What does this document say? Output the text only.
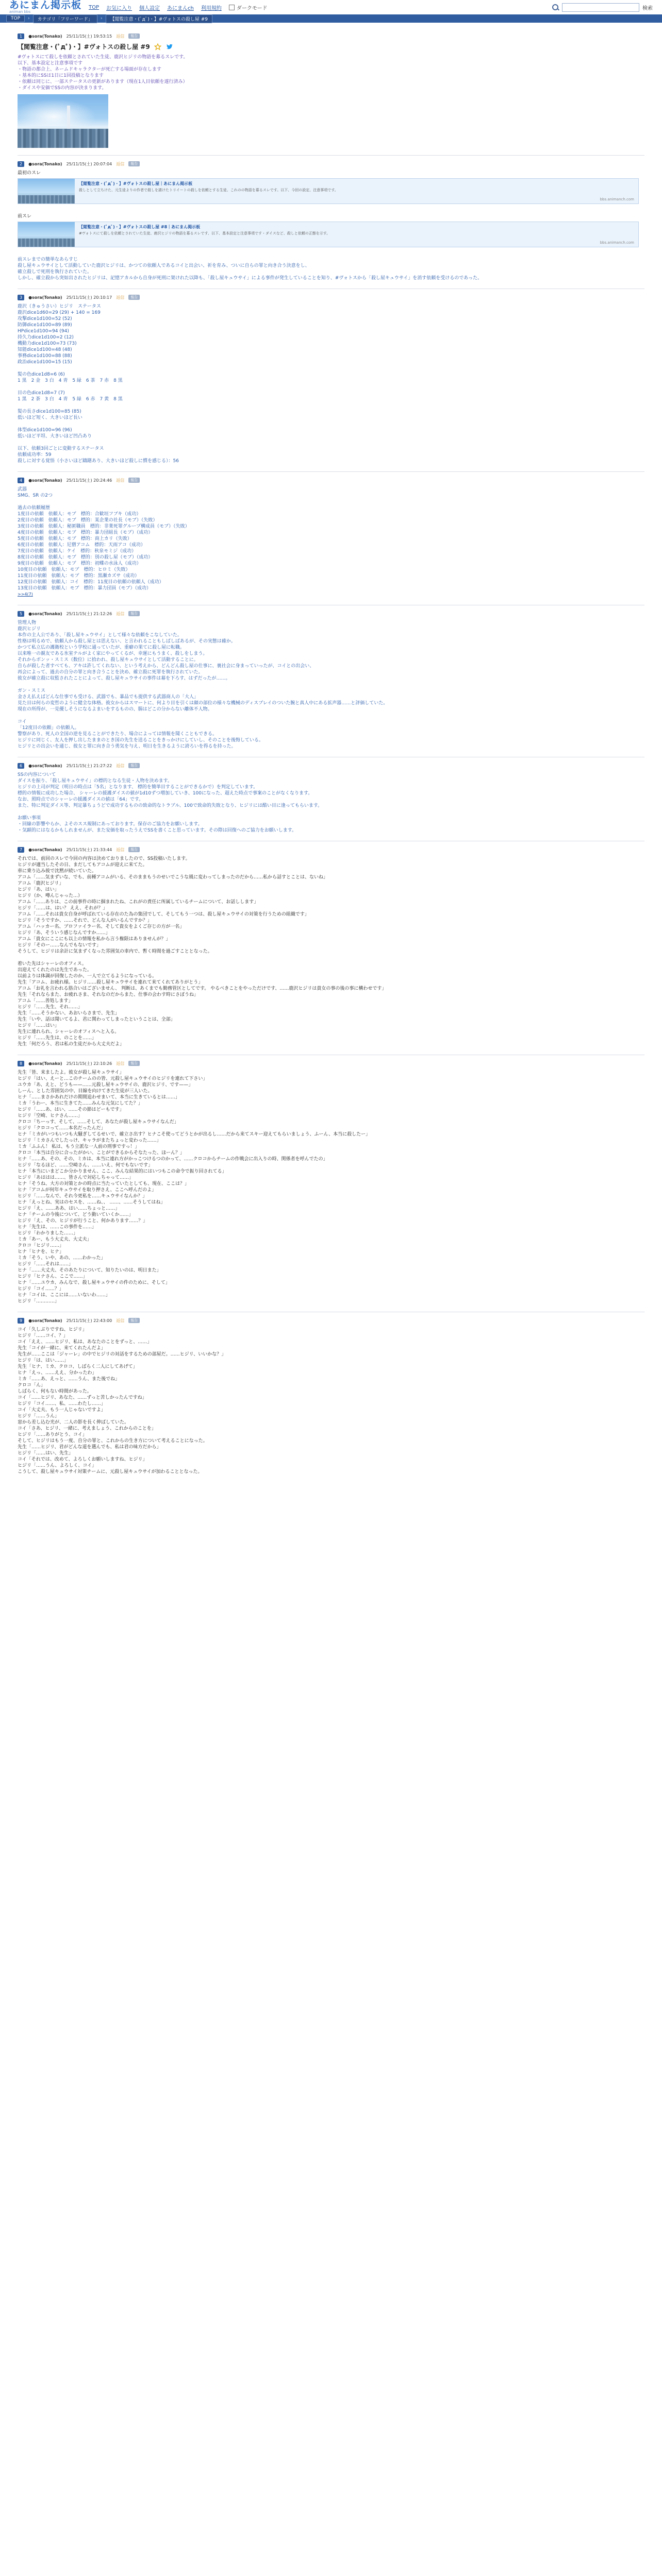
あにまん掲示板
animan bbs
TOP お気に入り 個人設定 あにまんch 利用規約	ダークモード	検索
TOP	›	カテゴリ「フリーワード」	›	【閲覧注意・(ﾟдﾟ)・】#ヴォトスの殺し屋 #9
1	●sora(Tonako) 25/11/15(土) 19:53:15 返信	報告
【閲覧注意・(ﾟдﾟ)・】#ヴォトスの殺し屋 #9
#ヴォトスにて殺しを依頼とされていた生徒、鹿沢ヒジリの物語を募るスレです。
以下、基本設定と注意事項です
・物語の都合上、ネームドキャラクターが死亡する場面が存在します
・基本的にSSは1日に1回投稿となります
・依頼は同じに、一部ステータスの更新があります（現在1人目依頼を遂行済み）
・ダイスや安価でSSの内容が決まります。
2	●sora(Tonako) 25/11/15(土) 20:07:04 返信	報告
最初のスレ
【閲覧注意・(ﾟдﾟ)・】#ヴォトスの殺し屋｜あにまん掲示板
殺しとして立ちけた、元生徒よりの作者で殺しを請けたトリイートの殺しを依頼とする生徒、これのの物語を募るスレです。以下、今回の設定、注意事項です。
bbs.animanch.com
前スレ
【閲覧注意・(ﾟдﾟ)・】#ヴォトスの殺し屋 #8｜あにまん掲示板
#ヴォトスにて殺しを依頼とされていた生徒、鹿沢ヒジリの物語を募るスレです、以下、基本設定と注意事項です・ダイスなど、殺しと依頼の正態を示す。
bbs.animanch.com
前スレまでの簡単なあらすじ
殺し屋キュウサイとして活動していた鹿沢ヒジリは、かつての依頼人であるコイと出会い、祈を育み、ついに自らの罪と向き合う決意をし、
確立殺しで死刑を執行されていた。
しかし、確立殺から突如出されたヒジリは、記憶アカルから自身が死刑に架けれた以降も、「殺し屋キュウサイ」による事件が発生していることを知り、#ヴォトスから「殺し屋キュウサイ」を消す依頼を受けるのであった。
3	●sora(Tonako) 25/11/15(土) 20:10:17 返信	報告
鹿沢（きゅうさい）ヒジリ　ステータス
鹿沢dice1d60=29 (29) + 140 = 169
攻撃dice1d100=52 (52)
防御dice1d100=89 (89)
HPdice1d100=94 (94)
持久力dice1d100=2 (12)
機動力dice1d100=73 (73)
知能dice1d100=48 (48)
事務dice1d100=88 (88)
政治dice1d100=15 (15)
髪の色dice1d8=6 (6)
1 黒　2 金　3 白　4 青　5 緑　6 茶　7 赤　8 黒
目の色dice1d8=7 (7)
1 黒　2 茶　3 白　4 青　5 緑　6 赤　7 黄　8 黒
髪の長さdice1d100=85 (85)
低いほど短く、大きいほど長い
体型dice1d100=96 (96)
低いほど平坦、大きいほど凹凸あり
以下、依頼3回ごとに変動するステータス
依頼成功率：59
殺しに対する覚悟（小さいほど躊躇あり、大きいほど殺しに慣を感じる）：56
4	●sora(Tonako) 25/11/15(土) 20:24:46 返信	報告
武器
SMG、SR の2つ
過去の依頼履歴
1度目の依頼　依頼人：モブ　標的：合歓垣フブキ（成功）
2度目の依頼　依頼人：モブ　標的：某企業の社長（モブ）（失敗）
3度目の依頼　依頼人：秘匿職員　標的：非業死罪グループ構成員（モブ）（失敗）
4度目の依頼　依頼人：モブ　標的：暴力団組長（モブ）（成功）
5度目の依頼　依頼人：モブ　標的：商上カリ（失敗）
6度目の依頼　依頼人：尼僧アコム　標的：天雨アコ（成功）
7度目の依頼　依頼人：ケイ　標的：秋泉モミジ（成功）
8度目の依頼　依頼人：モブ　標的：別の殺し屋（モブ）（成功）
9度目の依頼　依頼人：モブ　標的：初蝶の水泳人（成功）
10度目の依頼　依頼人：モブ　標的：ヒロミ（失敗）
11度目の依頼　依頼人：モブ　標的：黒瀬カズサ（成功）
12度目の依頼　依頼人：コイ　標的：11度目の依頼の依頼人（成功）
13度目の依頼　依頼人：モブ　標的：暴力団員（モブ）（成功）
>>4(7)
5	●sora(Tonako) 25/11/15(土) 21:12:26 返信	報告
管理人物
鹿沢ヒジリ
本作の主人公であり、「殺し屋キュウサイ」として様々な依頼をこなしていた。
性格は明るめで、依頼人から殺し屋とは思えない、と言われることもしばしばあるが、その実態は確か。
かつて私立広の護衛校という学校に通っていたが、重癖の果てに殺し屋に転職。
以来唯一の親友である氷室テルがよく家にやってくるが、幸運にもうまく、殺しをしまう。
それからボンッ・スミス（数位）に拾われ、殺し屋キュウサイとして活動することに。
自らが殺した者すべても、アキは許してくれない、という考えから、どんどん殺し屋の仕事に、裏社会に身まっていったが、コイとの出会い、
再会によって、過去の自分の罪と向き合うことを決め、確立殺に死罪を執行されていた。
彼女が確立殺に収監されたことによって、殺し屋キュウサイの事件は幕を下ろす、はずだったが……。
ガン・スミス
金さえ払えばどんな仕事でも受ける、武器でも、暴品でも提供する武器商人の「大人」
見た目は何らの変哲のように健全な体格。彼女からはスマートに、何より目を引くは顔の部位の様々な機械のディスプレイのついた腕と真人中にある拡声器……と評価していた。
現在の所得が、一見優しそうになるよまいをするものの、腸はどこの分からない離体不人物。
コイ
「12度目の依頼」の依頼人。
警察があり、死人の全国の逆を見ることができたり、場合によっては情報を聞くこともできる。
ヒジリに同じく、友人を押し出したままのとき国の先生を送ることをきっかけにしていし、そのことを後悔している。
ヒジリとの出会いを通じ、彼女と罪に向き合う勇気を与え、明日を生きるように誇ろいを得るを持った。
6	●sora(Tonako) 25/11/15(土) 21:27:22 返信	報告
SSの内容について
ダイスを振り、「殺し屋キュウサイ」の標的となる生徒・人物を決めます。
ヒジリの上司が判定（明日の時点は「5名」となります、 標的を簡単目することができるかで）を判定しています。
標的の情報に成功した場合、 シャーレの援護ダイスの値が1d10ずつ増加していき、100になった、超えた時点で事案のことがなくなります。
なお、照時点でのシャーレの援護ダイスの値は「64」です。
また、特に判定ダイス等、判定暴ちょうどで成功するものの致命的なトラブル、100で致命的失敗となり、ヒジリには酷い目に逢ってもらいます。
お願い事項
・回線の影響やらか、よそのスス規制にあっております。保存のご協力をお願いします。
・気顕的にはなるかもしれませんが、また安価を取ったうえでSSを書くこと思っています。その際は回復へのご協力をお願いします。
7	●sora(Tonako) 25/11/15(土) 21:33:44 返信	報告
それでは、前回のスレで今回の内容は決めておりましたので、SS投稿いたします。
ヒジリが適当したその日、まだしてもアコムが迎えに来てた。
車に乗り込み彼で沈黙が続いていた。
アコム「……気まずいな、でも、前種アコムがいる、そのままもうのせいでこうな風に変わってしまったのだから……私から話すとことは、ないね」
アコム「鹿沢ヒジリ」
ヒジリ「あ、はい」
ヒジリ（か、噂んじゃった…）
アコム「……ありは、この前事件の時に掴まれたね、これがの責任に所属しているチームについて、お話しします」
ヒジリ「……は、はい？ ええ、それが？」
アコム「……それは貴女自身が呼ばれている存在のた為の集団でして、そしてもう一つは、殺し屋キュウサイの対策を行うための組織です」
ヒジリ「そうですか、……それで、どんな人がいるんですか？」
アコム「ハッカー名、ブロファイラー名、そして貴女をよくご存じの方が一名」
ヒジリ「あ、そういう感じなんですか……」
アコム「貴女にここにも以上の情報を私から言う権限はありませんが？」
ヒジリ「そのー……なんでもないです」
そうして、ヒジリは余計に気まずくなった雰囲気の車内で、暫く時間を過ごすこととなった。
着いた先はシャーレのオフィス。
出迎えてくれたのは先生であった。
以前よりは体調が回復したのか、一人で立てるようになっている。
先生「アコム、お疲れ様。ヒジリ……殺し屋キュウサイを連れて来てくれてありがとう」
アコム「お礼を言われる筋合いはございません、 判断は、あくまでも勤務管区としてです。 やるべきことをやっただけです、……鹿沢ヒジリは貴女の事の後の事に構わせです」
先生「それならまた、お疲れさま、それなのだからまた、仕事の会わす時にさぼうね」
アコム「……善処します」
ヒジリ「……先生、それ……」
先生「……そうかない、あおいらさまで、先生」
先生「いや、話は聞いてるよ、君に関わってしまったということは、全部」
ヒジリ「……はい」
先生に連れられ、シャーレのオフィスへと入る。
ヒジリ「……先生は、のことを……」
先生「何だろう、君は私の生徒だから大丈夫だよ」
8	●sora(Tonako) 25/11/15(土) 22:10:26 返信	報告
先生「皆、来ましたよ。彼女が殺し屋キュウサイ」
ヒジリ「はい、えーと…このチームのの皆、元殺し屋キュウサイのヒジリを連れて下さい」
ユウカ「あ、えと、どうも——……元殺し屋キュウサイの、鹿沢ヒジリ、です——」
しーん、とした雰囲気の中、目線を向けてきた生徒が三人いた。
ヒナ「……まさかあれだけの期間追わせまいて、本当に生きているとは……」
ミカ「うわー、本当に生きてた……みんな元気にしてた？」
ヒジリ「……あ、はい、……その節はどーもです」
ヒジリ「空崎、ヒナさん……」
クロコ「ちーっす、そして、……そして、あなたが殺し屋キュウサイなんだ」
ヒジリ「クロコって……本名だったんだ」
ヒナ「ミカがいつもいつも大騒ぎしてるせいで、確立さ出す？ヒナこそ使ってどうとかが出るし……だから来てスキー迎えてもらいましょう、ふーん、本当に殺したー」
ヒジリ「ミカさんでしたっけ、キャラがまたちょっと変わった……」
ミカ「ふふん！ 私は、もう立派な一人前の刑事ですっ！」
クロコ「本当は自分に合ったがかい、ことができるからそなたった、ほーん？」
ヒナ「……あ、その、その、ミカは、本当に連れ方がかっこつけるつのかって、……クロコからチームの作戦会に出入りの時、関係者を呼んでたの」
ヒジリ「なるほど、……空崎さん、……いえ、何でもないです」
ヒナ「本当にいまどこか分かりません、ここ、みんな結果的にはいつもこの命令で振り回されてる」
ヒジリ「あははは……、皆さんで対応しちゃって……」
ヒナ「そうね、大方の対策とかの時点に当たっていたとしても、現在、ここは？」
ヒナ「アコムが何年キュウサイを取り押さえ、ここへ呼んだのよ」
ヒジリ「……なんで、それ今更私を……キュウサイなんか？」
ヒナ「えっとね、実はのセスを、……ね、、 ……、……そうしてはね」
ヒジリ「え、……ああ、はい……ちょっと……」
ヒナ「チームの今後について、どう動いていくか……」
ヒジリ「え、その、ヒジリが行うこと、何かあります……？」
ヒナ「先生は、……この事件を……」
ヒジリ「わかりました……」
ミカ「あー、もう大丈夫、大丈夫」
クロコ「ヒジリ……」
ヒナ「ヒナを、ヒナ」
ミカ「そう、いや、あの、……わかった」
ヒジリ「……それは……」
ヒナ「……大丈夫、そのあたりについて、知りたいのは、明日また」
ヒジリ「ヒナさん、ここで……」
ヒナ「……ユウカ、みんなで、殺し屋キュウサイの件のために、そして」
ヒジリ「コイ……？」
ヒナ「コイは、ここには……いないわ……」
ヒジリ「…………」
9	●sora(Tonako) 25/11/15(土) 22:43:00 返信	報告
コイ「久しぶりですね、ヒジリ」
ヒジリ「……コイ、？」
コイ「ええ、……ヒジリ、私は、あなたのことをずっと、……」
先生「コイが一緒に、来てくれたんだよ」
先生が……ここは「ジャーレ」の中でヒジリの対話をするための部屋だ。……ヒジリ、いいかな？」
ヒジリ「は、はい……」
先生「ヒナ、ミカ、クロコ、しばらく二人にしてあげて」
ヒナ「えっ、……ええ、分かったわ」
ミカ「……あ、えっと、……うん、また後でね」
クロコ「ん」
しばらく、何もない時間があった。
コイ「……ヒジリ、あなた、……ずっと苦しかったんですね」
ヒジリ「コイ……、私、……わたし……」
コイ「大丈夫、もう一人じゃないですよ」
ヒジリ「……うん」
窓から差し込む光が、二人の影を長く伸ばしていた。
コイ「さあ、ヒジリ、一緒に、考えましょう、これからのことを」
ヒジリ「……ありがとう、コイ」
そして、ヒジリはもう一度、自分の罪と、これからの生き方について考えることになった。
先生「……ヒジリ、君がどんな道を選んでも、私は君の味方だから」
ヒジリ「……はい、先生」
コイ「それでは、改めて、よろしくお願いしますね、ヒジリ」
ヒジリ「……うん、よろしく、コイ」
こうして、殺し屋キュウサイ対策チームに、元殺し屋キュウサイが加わることとなった。
